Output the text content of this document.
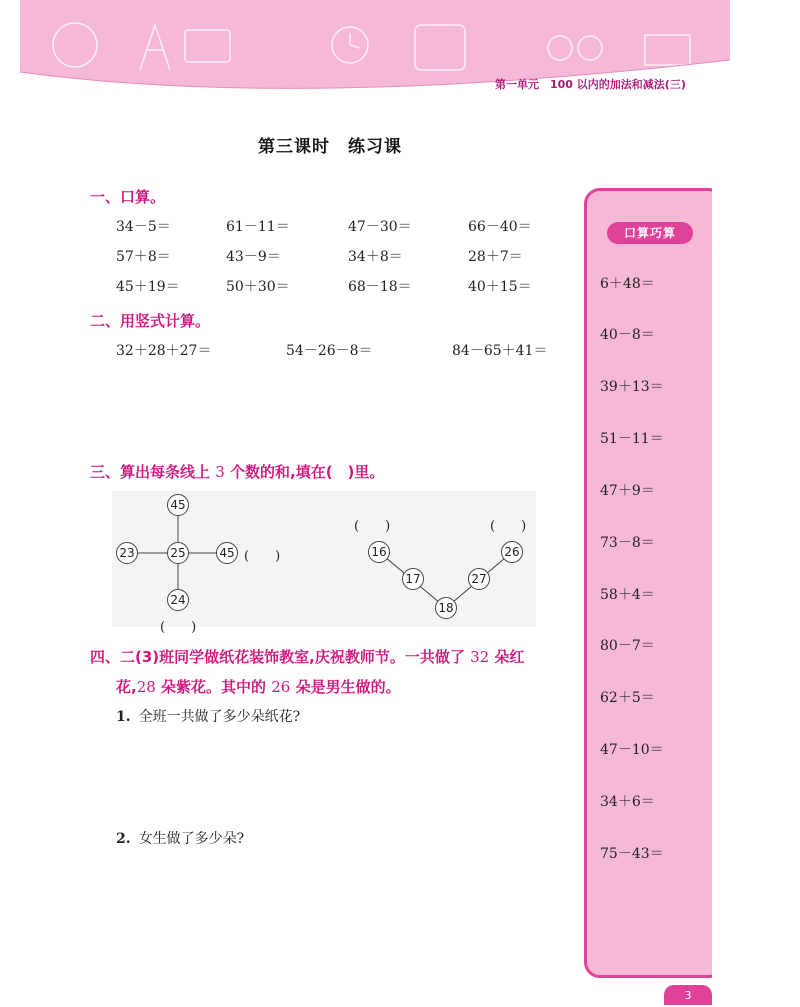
第一单元　 100 以内的加法和减法(三)
第三课时　练习课
一、口算。
34－5＝	61－11＝	47－30＝	66－40＝
57＋8＝	43－9＝	34＋8＝	28＋7＝
45＋19＝	50＋30＝	68－18＝	40＋15＝
二、用竖式计算。
32＋28＋27＝	54－26－8＝	84－65＋41＝
三、算出每条线上 3 个数的和,填在(　)里。
45
23	25	45
24
(　　)
(　　)
16
17
18
27
26
(　　)	(　　)
四、二(3)班同学做纸花装饰教室,庆祝教师节。一共做了 32 朵红
花,28 朵紫花。其中的 26 朵是男生做的。
1. 全班一共做了多少朵纸花?
2. 女生做了多少朵?
口算巧算
6＋48＝
40－8＝
39＋13＝
51－11＝
47＋9＝
73－8＝
58＋4＝
80－7＝
62＋5＝
47－10＝
34＋6＝
75－43＝
3
